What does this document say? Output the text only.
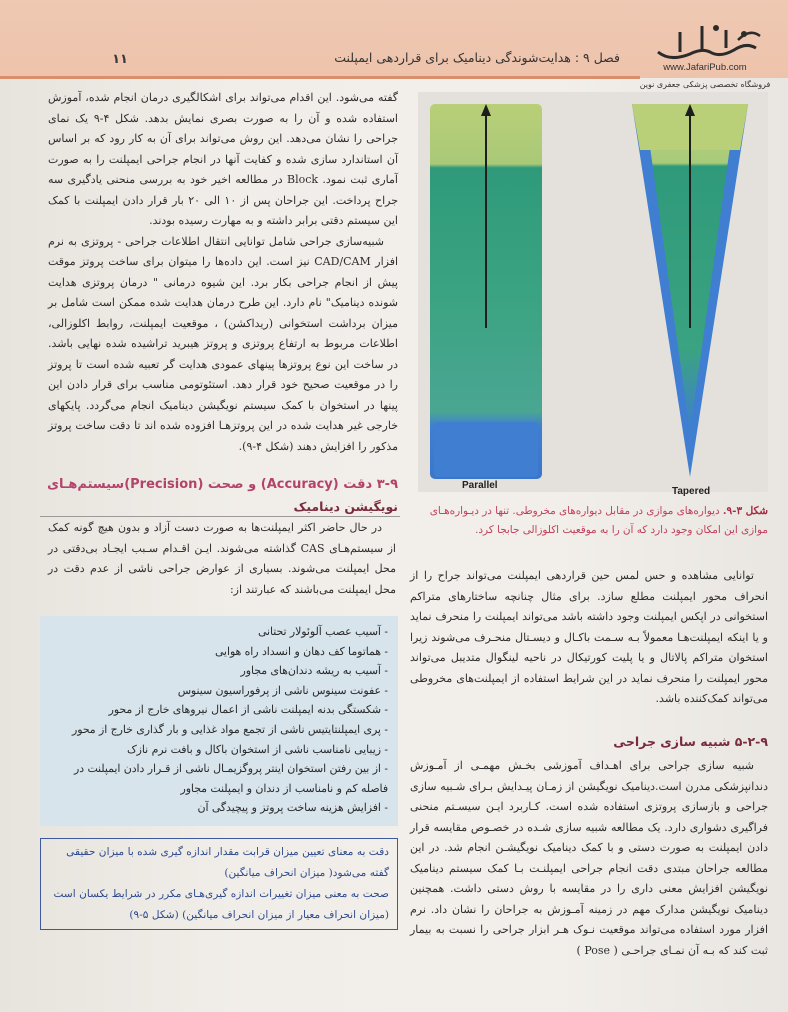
۱۱	فصل ۹ : هدایت‌شوندگی دینامیک برای قراردهی ایمپلنت
www.JafariPub.com
فروشگاه تخصصی پزشکی جعفری نوین

گفته می‌شود. این اقدام می‌تواند برای اشکالگیری درمان انجام شده، آموزش استفاده شده و آن را به صورت بصری نمایش بدهد. شکل ۴-۹ یک نمای جراحی را نشان می‌دهد. این روش می‌تواند برای آن به کار رود که بر اساس آن استاندارد سازی شده و کفایت آنها در انجام جراحی ایمپلنت را به صورت آماری ثبت نمود. Block در مطالعه اخیر خود به بررسی منحنی یادگیری سه جراح پرداخت. این جراحان پس از ۱۰ الی ۲۰ بار قرار دادن ایمپلنت با کمک این سیستم دقتی برابر داشته و به مهارت رسیده بودند.

شبیه‌سازی جراحی شامل توانایی انتقال اطلاعات جراحی - پروتزی به نرم افزار CAD/CAM نیز است. این داده‌ها را میتوان برای ساخت پروتز موقت پیش از انجام جراحی بکار برد. این شیوه درمانی " درمان پروتزی هدایت شونده دینامیک" نام دارد. این طرح درمان هدایت شده ممکن است شامل بر میزان برداشت استخوانی (ریداکشن) ، موقعیت ایمپلنت، روابط اکلوزالی، اطلاعات مربوط به ارتفاع پروتزی و پروتز هیبرید تراشیده شده نهایی باشد. در ساخت این نوع پروتزها پینهای عمودی هدایت گر تعبیه شده است تا پروتز را در موقعیت صحیح خود قرار دهد. استئوتومی مناسب برای قرار دادن این پینها در استخوان با کمک سیستم نویگیشن دینامیک انجام می‌گردد. پایکهای خارجی غیر هدایت شده در این پروتزهـا افزوده شده اند تا دقت ساخت پروتز مذکور را افزایش دهند (شکل ۴-۹).

۳-۹ دقت (Accuracy) و صحت (Precision)سیستم‌هـای
نویگیشن دینامیک

در حال حاضر اکثر ایمپلنت‌ها به صورت دست آزاد و بدون هیچ گونه کمک از سیستم‌هـای CAS گذاشته می‌شوند. ایـن اقـدام سـبب ایجـاد بی‌دقتی در محل ایمپلنت می‌شوند. بسیاری از عوارض جراحی ناشی از عدم دقت در محل ایمپلنت می‌باشند که عبارتند از:

- آسیب عصب آلوئولار تحتانی
- هماتوما کف دهان و انسداد راه هوایی
- آسیب به ریشه دندان‌های مجاور
- عفونت سینوس ناشی از پرفوراسیون سینوس
- شکستگی بدنه ایمپلنت ناشی از اعمال نیروهای خارج از محور
- پری ایمپلنتایتیس ناشی از تجمع مواد غذایی و بار گذاری خارج از محور
- زیبایی نامناسب ناشی از استخوان باکال و بافت نرم نازک
- از بین رفتن استخوان اینتر پروگزیمـال ناشی از قـرار دادن ایمپلنت در
فاصله کم و نامناسب از دندان و ایمپلنت مجاور
- افزایش هزینه ساخت پروتز و پیچیدگی آن
دقت به معنای تعیین میزان قرابت مقدار اندازه گیری شده با میزان حقیقی گفته می‌شود( میزان انحراف میانگین)
صحت به معنی میزان تغییرات اندازه گیری‌هـای مکرر در شرایط یکسان است (میزان انحراف معیار از میزان انحراف میانگین) (شکل ۵-۹)
Parallel
Tapered
شکل ۳-۹. دیواره‌های موازی در مقابل دیواره‌های مخروطی. تنها در دیـواره‌هـای موازی این امکان وجود دارد که آن را به موقعیت اکلوزالی جابجا کرد.

توانایی مشاهده و حس لمس حین قراردهی ایمپلنت می‌تواند جراح را از انحراف محور ایمپلنت مطلع سازد. برای مثال چنانچه ساختارهای متراکم استخوانی در اپکس ایمپلنت وجود داشته باشد می‌تواند ایمپلنت را منحرف نماید و یا اینکه ایمپلنت‌هـا معمولاً بـه سـمت باکـال و دیسـتال منحـرف می‌شوند زیرا استخوان متراکم پالاتال و یا پلیت کورتیکال در ناحیه لینگوال متدیبل می‌تواند محور ایمپلنت را منحرف نماید در این شرایط استفاده از ایمپلنت‌های مخروطی می‌تواند کمک‌کننده باشد.

۵-۲-۹ شبیه سازی جراحی

شبیه سازی جراحی برای اهـداف آموزشی بخـش مهمـی از آمـوزش دندانپزشکی مدرن است.دینامیک نویگیشن از زمـان پیـدایش بـرای شـبیه سازی جراحی و بازسازی پروتزی استفاده شده است. کـاربرد ایـن سیسـتم منحنی فراگیری دشواری دارد. یک مطالعه شبیه سازی شـده در خصـوص مقایسه قرار دادن ایمپلنت به صورت دستی و با کمک دینامیک نویگیشـن انجام شد. در این مطالعه جراحان مبتدی دقت انجام جراحی ایمپلنـت بـا کمک سیستم دینامیک نویگیشن افزایش معنی داری را در مقایسه با روش دستی داشت. همچنین دینامیک نویگیشن مدارک مهم در زمینه آمـوزش به جراحان را نشان داد. نرم افزار مورد استفاده می‌تواند موقعیت نـوک هـر ابزار جراحی را نسبت به بیمار ثبت کند که بـه آن نمـای جراحـی ( Pose )
